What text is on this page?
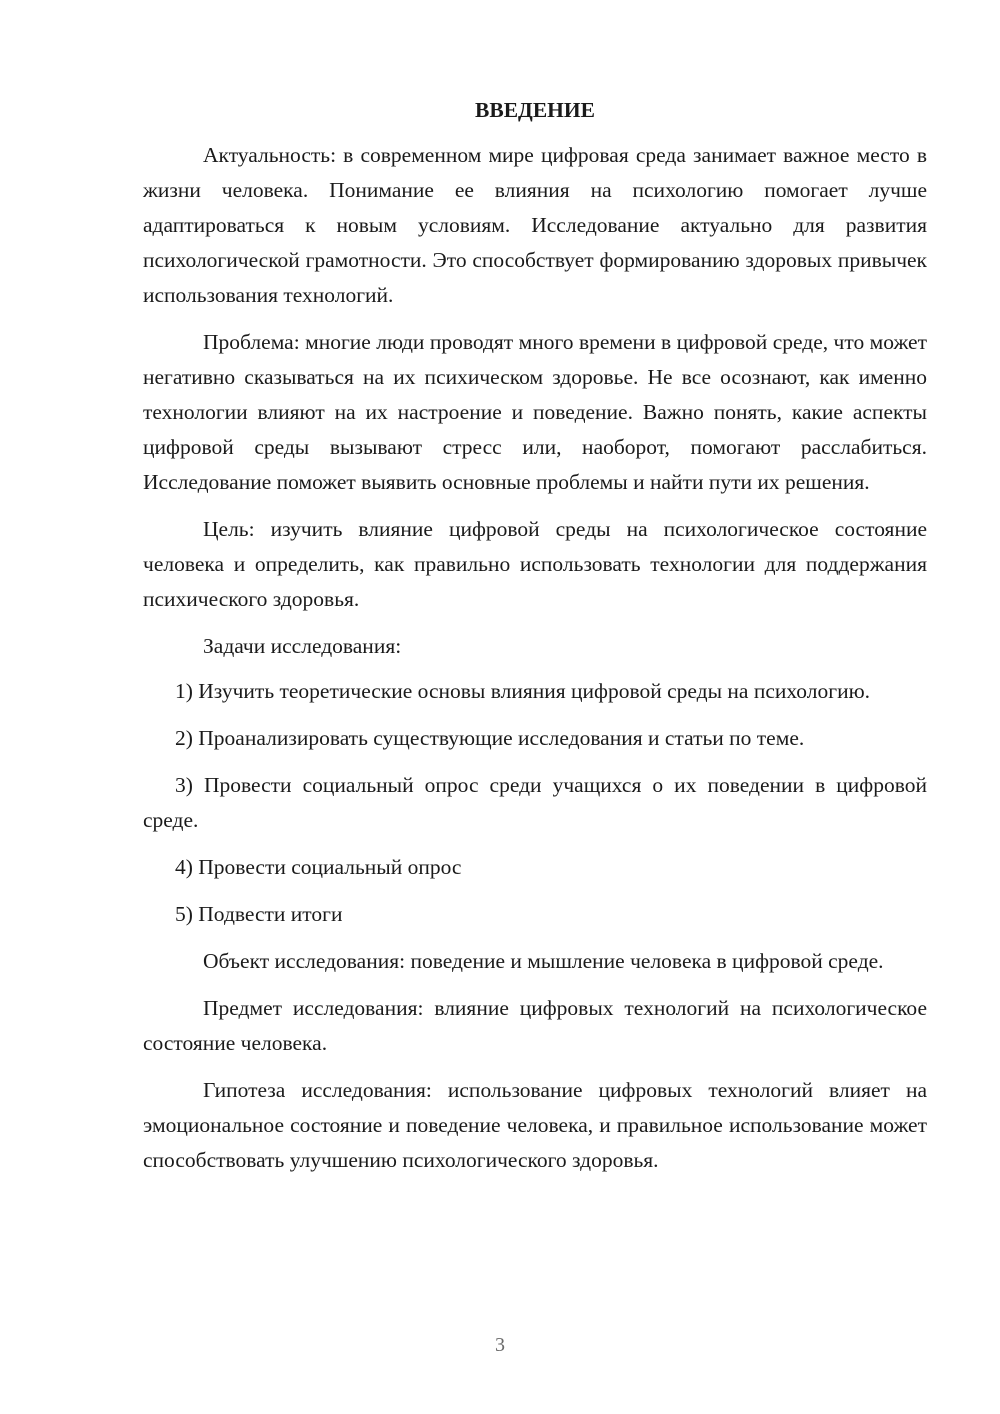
ВВЕДЕНИЕ

Актуальность: в современном мире цифровая среда занимает важное место в жизни человека. Понимание ее влияния на психологию помогает лучше адаптироваться к новым условиям. Исследование актуально для развития психологической грамотности. Это способствует формированию здоровых привычек использования технологий.

Проблема: многие люди проводят много времени в цифровой среде, что может негативно сказываться на их психическом здоровье. Не все осознают, как именно технологии влияют на их настроение и поведение. Важно понять, какие аспекты цифровой среды вызывают стресс или, наоборот, помогают расслабиться. Исследование поможет выявить основные проблемы и найти пути их решения.

Цель: изучить влияние цифровой среды на психологическое состояние человека и определить, как правильно использовать технологии для поддержания психического здоровья.

Задачи исследования:

1) Изучить теоретические основы влияния цифровой среды на психологию.

2) Проанализировать существующие исследования и статьи по теме.

3) Провести социальный опрос среди учащихся о их поведении в цифровой среде.

4) Провести социальный опрос

5) Подвести итоги

Объект исследования: поведение и мышление человека в цифровой среде.

Предмет исследования: влияние цифровых технологий на психологическое состояние человека.

Гипотеза исследования: использование цифровых технологий влияет на эмоциональное состояние и поведение человека, и правильное использование может способствовать улучшению психологического здоровья.

3
